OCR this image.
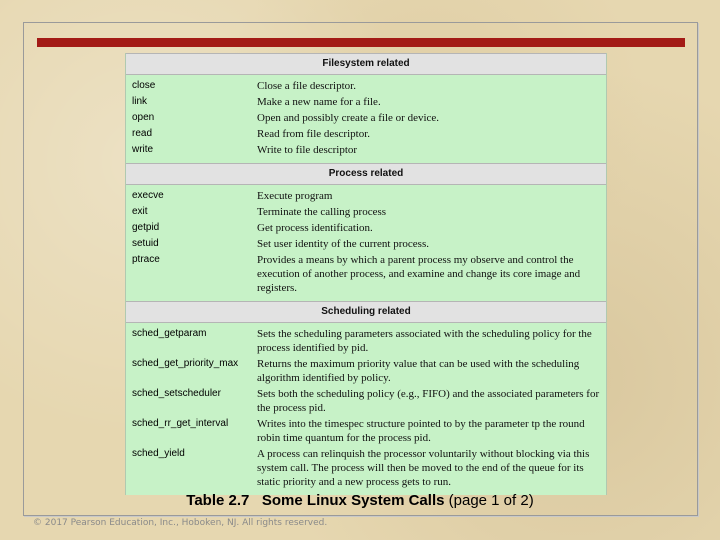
Filesystem related
close	Close a file descriptor.
link	Make a new name for a file.
open	Open and possibly create a file or device.
read	Read from file descriptor.
write	Write to file descriptor
Process related
execve	Execute program
exit	Terminate the calling process
getpid	Get process identification.
setuid	Set user identity of the current process.
ptrace	Provides a means by which a parent process my observe and control the execution of another process, and examine and change its core image and registers.
Scheduling related
sched_getparam	Sets the scheduling parameters associated with the scheduling policy for the process identified by pid.
sched_get_priority_max	Returns the maximum priority value that can be used with the scheduling algorithm identified by policy.
sched_setscheduler	Sets both the scheduling policy (e.g., FIFO) and the associated parameters for the process pid.
sched_rr_get_interval	Writes into the timespec structure pointed to by the parameter tp the round robin time quantum for the process pid.
sched_yield	A process can relinquish the processor voluntarily without blocking via this system call. The process will then be moved to the end of the queue for its static priority and a new process gets to run.
Table 2.7 Some Linux System Calls (page 1 of 2)
© 2017 Pearson Education, Inc., Hoboken, NJ. All rights reserved.
